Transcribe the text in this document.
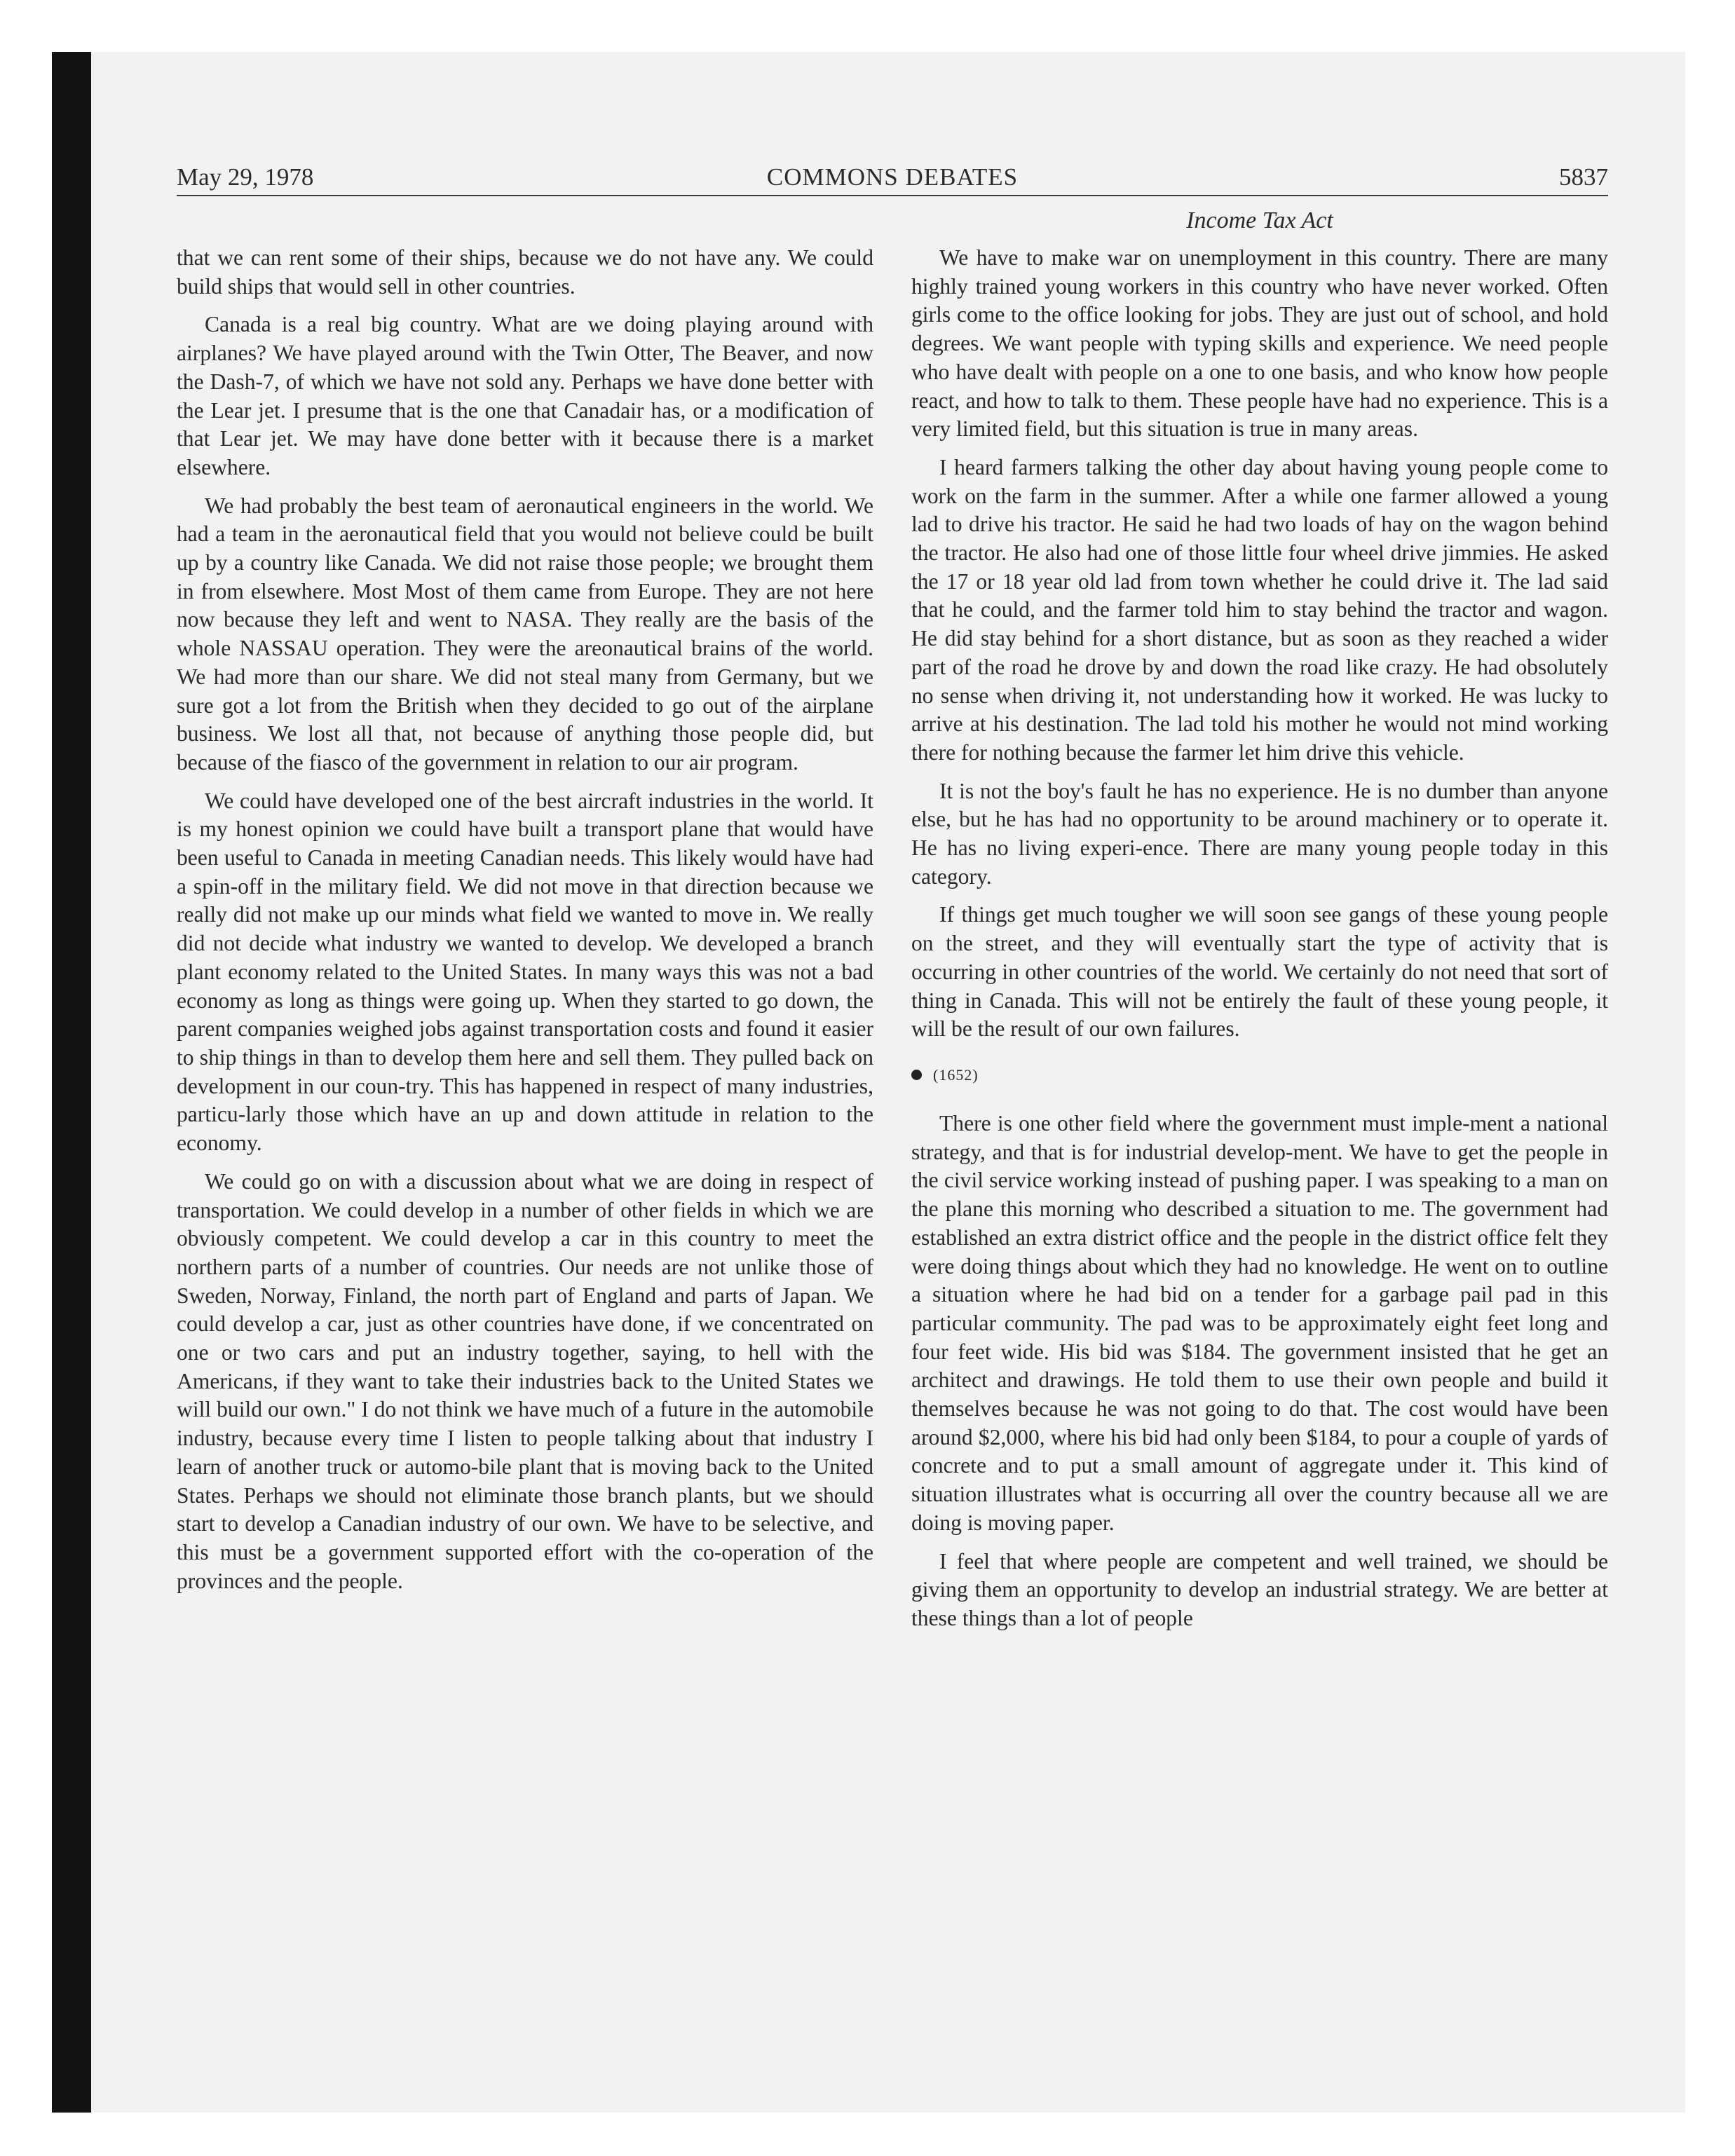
May 29, 1978	COMMONS DEBATES	5837
Income Tax Act

that we can rent some of their ships, because we do not have any. We could build ships that would sell in other countries.

Canada is a real big country. What are we doing playing around with airplanes? We have played around with the Twin Otter, The Beaver, and now the Dash-7, of which we have not sold any. Perhaps we have done better with the Lear jet. I presume that is the one that Canadair has, or a modification of that Lear jet. We may have done better with it because there is a market elsewhere.

We had probably the best team of aeronautical engineers in the world. We had a team in the aeronautical field that you would not believe could be built up by a country like Canada. We did not raise those people; we brought them in from elsewhere. Most Most of them came from Europe. They are not here now because they left and went to NASA. They really are the basis of the whole NASSAU operation. They were the areonautical brains of the world. We had more than our share. We did not steal many from Germany, but we sure got a lot from the British when they decided to go out of the airplane business. We lost all that, not because of anything those people did, but because of the fiasco of the government in relation to our air program.

We could have developed one of the best aircraft industries in the world. It is my honest opinion we could have built a transport plane that would have been useful to Canada in meeting Canadian needs. This likely would have had a spin-off in the military field. We did not move in that direction because we really did not make up our minds what field we wanted to move in. We really did not decide what industry we wanted to develop. We developed a branch plant economy related to the United States. In many ways this was not a bad economy as long as things were going up. When they started to go down, the parent companies weighed jobs against transportation costs and found it easier to ship things in than to develop them here and sell them. They pulled back on development in our coun-try. This has happened in respect of many industries, particu-larly those which have an up and down attitude in relation to the economy.

We could go on with a discussion about what we are doing in respect of transportation. We could develop in a number of other fields in which we are obviously competent. We could develop a car in this country to meet the northern parts of a number of countries. Our needs are not unlike those of Sweden, Norway, Finland, the north part of England and parts of Japan. We could develop a car, just as other countries have done, if we concentrated on one or two cars and put an industry together, saying, to hell with the Americans, if they want to take their industries back to the United States we will build our own." I do not think we have much of a future in the automobile industry, because every time I listen to people talking about that industry I learn of another truck or automo-bile plant that is moving back to the United States. Perhaps we should not eliminate those branch plants, but we should start to develop a Canadian industry of our own. We have to be selective, and this must be a government supported effort with the co-operation of the provinces and the people.

We have to make war on unemployment in this country. There are many highly trained young workers in this country who have never worked. Often girls come to the office looking for jobs. They are just out of school, and hold degrees. We want people with typing skills and experience. We need people who have dealt with people on a one to one basis, and who know how people react, and how to talk to them. These people have had no experience. This is a very limited field, but this situation is true in many areas.

I heard farmers talking the other day about having young people come to work on the farm in the summer. After a while one farmer allowed a young lad to drive his tractor. He said he had two loads of hay on the wagon behind the tractor. He also had one of those little four wheel drive jimmies. He asked the 17 or 18 year old lad from town whether he could drive it. The lad said that he could, and the farmer told him to stay behind the tractor and wagon. He did stay behind for a short distance, but as soon as they reached a wider part of the road he drove by and down the road like crazy. He had obsolutely no sense when driving it, not understanding how it worked. He was lucky to arrive at his destination. The lad told his mother he would not mind working there for nothing because the farmer let him drive this vehicle.

It is not the boy's fault he has no experience. He is no dumber than anyone else, but he has had no opportunity to be around machinery or to operate it. He has no living experi-ence. There are many young people today in this category.

If things get much tougher we will soon see gangs of these young people on the street, and they will eventually start the type of activity that is occurring in other countries of the world. We certainly do not need that sort of thing in Canada. This will not be entirely the fault of these young people, it will be the result of our own failures.

(1652)

There is one other field where the government must imple-ment a national strategy, and that is for industrial develop-ment. We have to get the people in the civil service working instead of pushing paper. I was speaking to a man on the plane this morning who described a situation to me. The government had established an extra district office and the people in the district office felt they were doing things about which they had no knowledge. He went on to outline a situation where he had bid on a tender for a garbage pail pad in this particular community. The pad was to be approximately eight feet long and four feet wide. His bid was $184. The government insisted that he get an architect and drawings. He told them to use their own people and build it themselves because he was not going to do that. The cost would have been around $2,000, where his bid had only been $184, to pour a couple of yards of concrete and to put a small amount of aggregate under it. This kind of situation illustrates what is occurring all over the country because all we are doing is moving paper.

I feel that where people are competent and well trained, we should be giving them an opportunity to develop an industrial strategy. We are better at these things than a lot of people
